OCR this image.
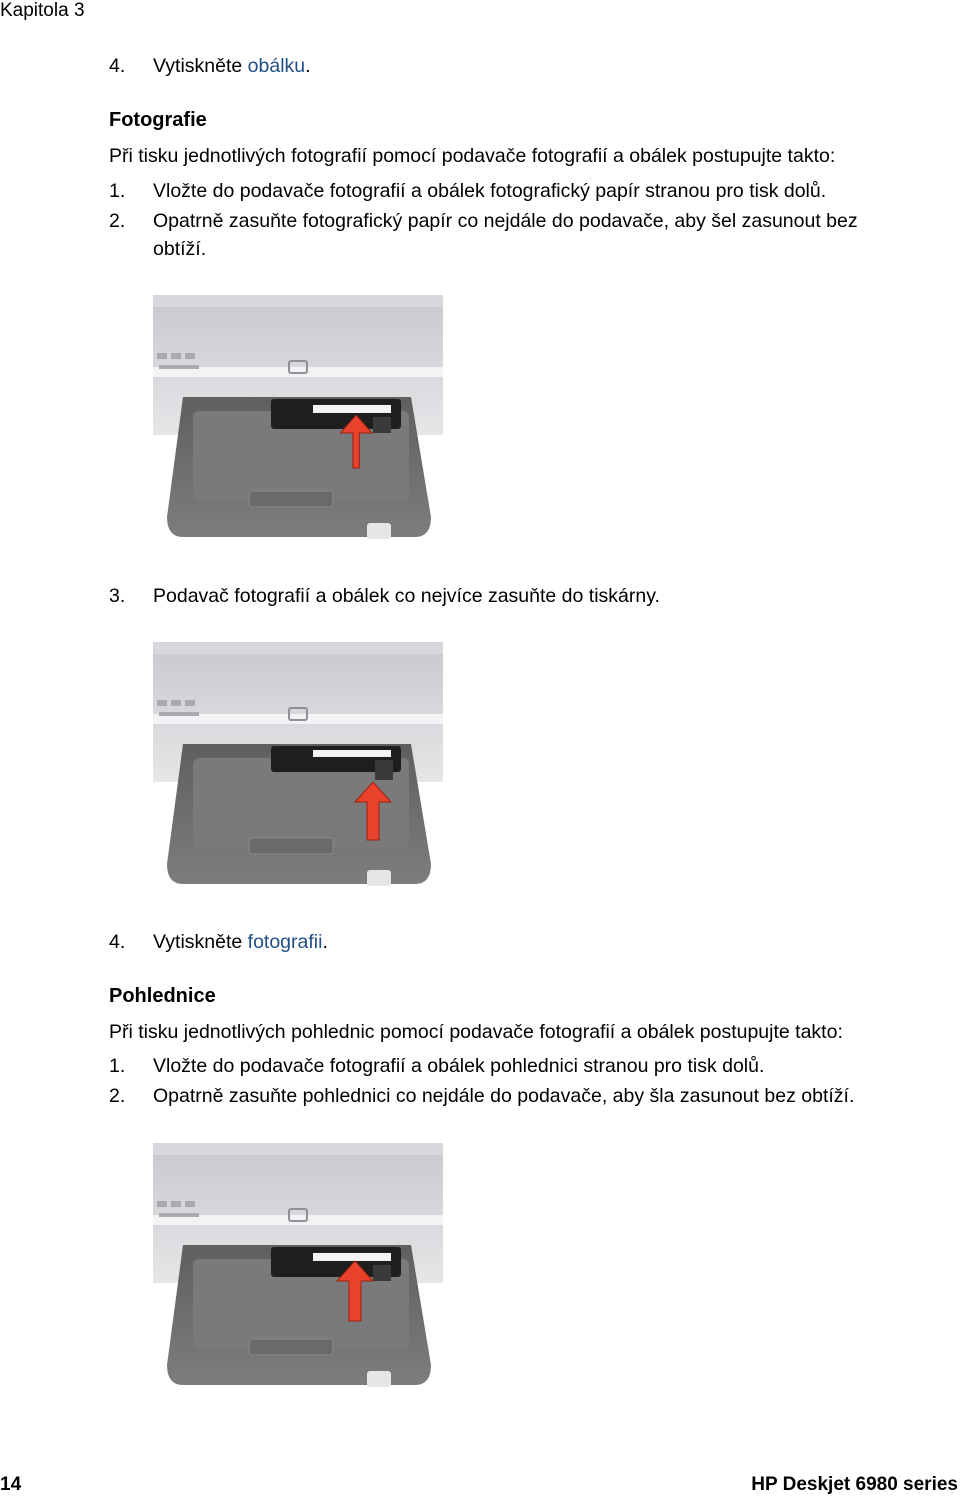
Kapitola 3
4. Vytiskněte obálku.
Fotografie
Při tisku jednotlivých fotografií pomocí podavače fotografií a obálek postupujte takto:
1. Vložte do podavače fotografií a obálek fotografický papír stranou pro tisk dolů.
2. Opatrně zasuňte fotografický papír co nejdále do podavače, aby šel zasunout bez
obtíží.
3. Podavač fotografií a obálek co nejvíce zasuňte do tiskárny.
4. Vytiskněte fotografii.
Pohlednice
Při tisku jednotlivých pohlednic pomocí podavače fotografií a obálek postupujte takto:
1. Vložte do podavače fotografií a obálek pohlednici stranou pro tisk dolů.
2. Opatrně zasuňte pohlednici co nejdále do podavače, aby šla zasunout bez obtíží.
14	HP Deskjet 6980 series
